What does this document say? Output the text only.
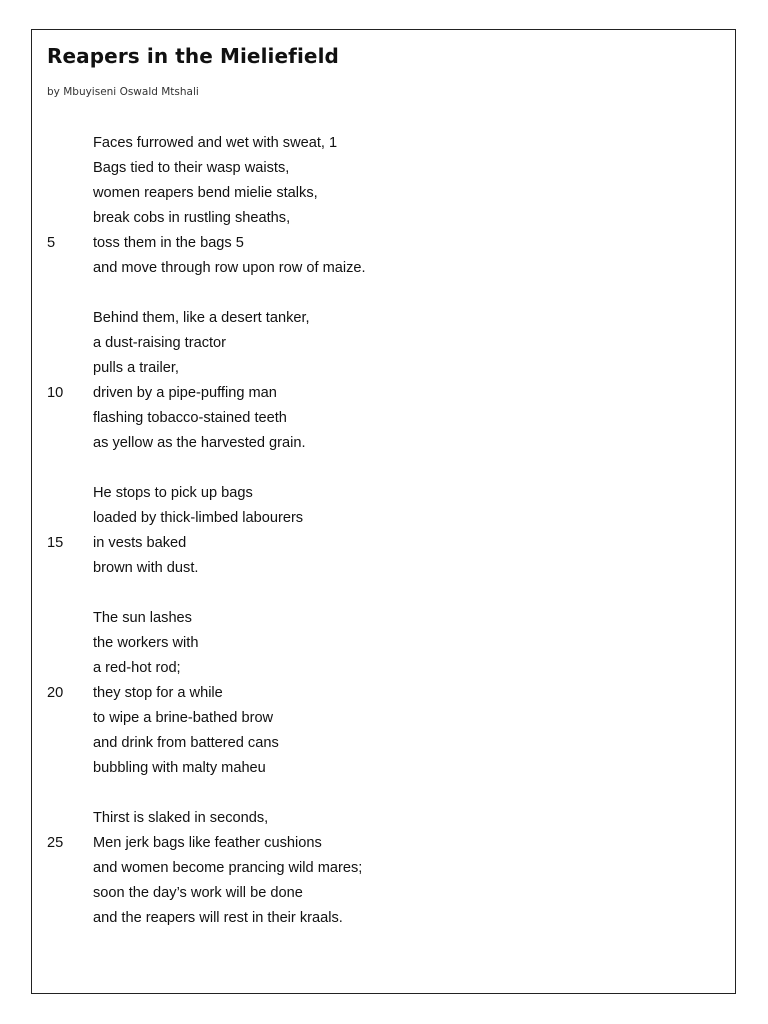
Reapers in the Mieliefield

by Mbuyiseni Oswald Mtshali

Faces furrowed and wet with sweat, 1
Bags tied to their wasp waists,
women reapers bend mielie stalks,
break cobs in rustling sheaths,
5	toss them in the bags 5
and move through row upon row of maize.
Behind them, like a desert tanker,
a dust-raising tractor
pulls a trailer,
10	driven by a pipe-puffing man
flashing tobacco-stained teeth
as yellow as the harvested grain.
He stops to pick up bags
loaded by thick-limbed labourers
15	in vests baked
brown with dust.
The sun lashes
the workers with
a red-hot rod;
20	they stop for a while
to wipe a brine-bathed brow
and drink from battered cans
bubbling with malty maheu
Thirst is slaked in seconds,
25	Men jerk bags like feather cushions
and women become prancing wild mares;
soon the day’s work will be done
and the reapers will rest in their kraals.
